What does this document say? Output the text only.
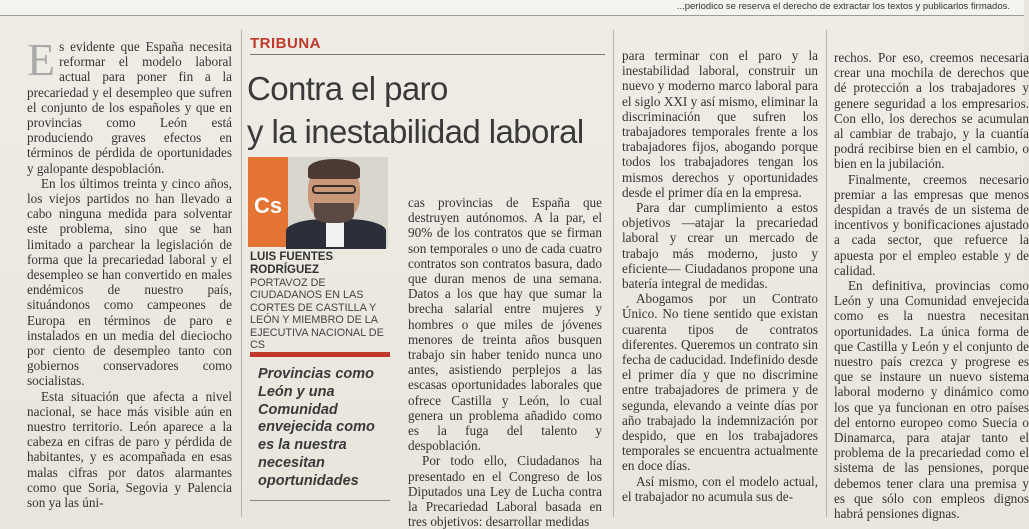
...periodico se reserva el derecho de extractar los textos y publicarlos firmados.

Es evidente que España necesita reformar el modelo laboral actual para poner fin a la precariedad y el desempleo que sufren el conjunto de los españoles y que en provincias como León está produciendo graves efectos en términos de pérdida de oportunidades y galopante despoblación.

En los últimos treinta y cinco años, los viejos partidos no han llevado a cabo ninguna medida para solventar este problema, sino que se han limitado a parchear la legislación de forma que la precariedad laboral y el desempleo se han convertido en males endémicos de nuestro país, situándonos como campeones de Europa en términos de paro e instalados en un media del dieciocho por ciento de desempleo tanto con gobiernos conservadores como socialistas.

Esta situación que afecta a nivel nacional, se hace más visible aún en nuestro territorio. León aparece a la cabeza en cifras de paro y pérdida de habitantes, y es acompañada en esas malas cifras por datos alarmantes como que Soria, Segovia y Palencia son ya las úni-

TRIBUNA
Contra el paro
y la inestabilidad laboral
Cs
LUIS FUENTES RODRÍGUEZ
PORTAVOZ DE CIUDADANOS EN LAS CORTES DE CASTILLA Y LEÓN Y MIEMBRO DE LA EJECUTIVA NACIONAL DE CS
Provincias como León y una Comunidad envejecida como es la nuestra necesitan oportunidades

cas provincias de España que destruyen autónomos. A la par, el 90% de los contratos que se firman son temporales o uno de cada cuatro contratos son contratos basura, dado que duran menos de una semana. Datos a los que hay que sumar la brecha salarial entre mujeres y hombres o que miles de jóvenes menores de treinta años busquen trabajo sin haber tenido nunca uno antes, asistiendo perplejos a las escasas oportunidades laborales que ofrece Castilla y León, lo cual genera un problema añadido como es la fuga del talento y despoblación.

Por todo ello, Ciudadanos ha presentado en el Congreso de los Diputados una Ley de Lucha contra la Precariedad Laboral basada en tres objetivos: desarrollar medidas

para terminar con el paro y la inestabilidad laboral, construir un nuevo y moderno marco laboral para el siglo XXI y así mismo, eliminar la discriminación que sufren los trabajadores temporales frente a los trabajadores fijos, abogando porque todos los trabajadores tengan los mismos derechos y oportunidades desde el primer día en la empresa.

Para dar cumplimiento a estos objetivos —atajar la precariedad laboral y crear un mercado de trabajo más moderno, justo y eficiente— Ciudadanos propone una batería integral de medidas.

Abogamos por un Contrato Único. No tiene sentido que existan cuarenta tipos de contratos diferentes. Queremos un contrato sin fecha de caducidad. Indefinido desde el primer día y que no discrimine entre trabajadores de primera y de segunda, elevando a veinte días por año trabajado la indemnización por despido, que en los trabajadores temporales se encuentra actualmente en doce días.

Así mismo, con el modelo actual, el trabajador no acumula sus de-

rechos. Por eso, creemos necesaria crear una mochila de derechos que dé protección a los trabajadores y genere seguridad a los empresarios. Con ello, los derechos se acumulan al cambiar de trabajo, y la cuantía podrá recibirse bien en el cambio, o bien en la jubilación.

Finalmente, creemos necesario premiar a las empresas que menos despidan a través de un sistema de incentivos y bonificaciones ajustado a cada sector, que refuerce la apuesta por el empleo estable y de calidad.

En definitiva, provincias como León y una Comunidad envejecida como es la nuestra necesitan oportunidades. La única forma de que Castilla y León y el conjunto de nuestro país crezca y progrese es que se instaure un nuevo sistema laboral moderno y dinámico como los que ya funcionan en otro países del entorno europeo como Suecia o Dinamarca, para atajar tanto el problema de la precariedad como el sistema de las pensiones, porque debemos tener clara una premisa y es que sólo con empleos dignos habrá pensiones dignas.
